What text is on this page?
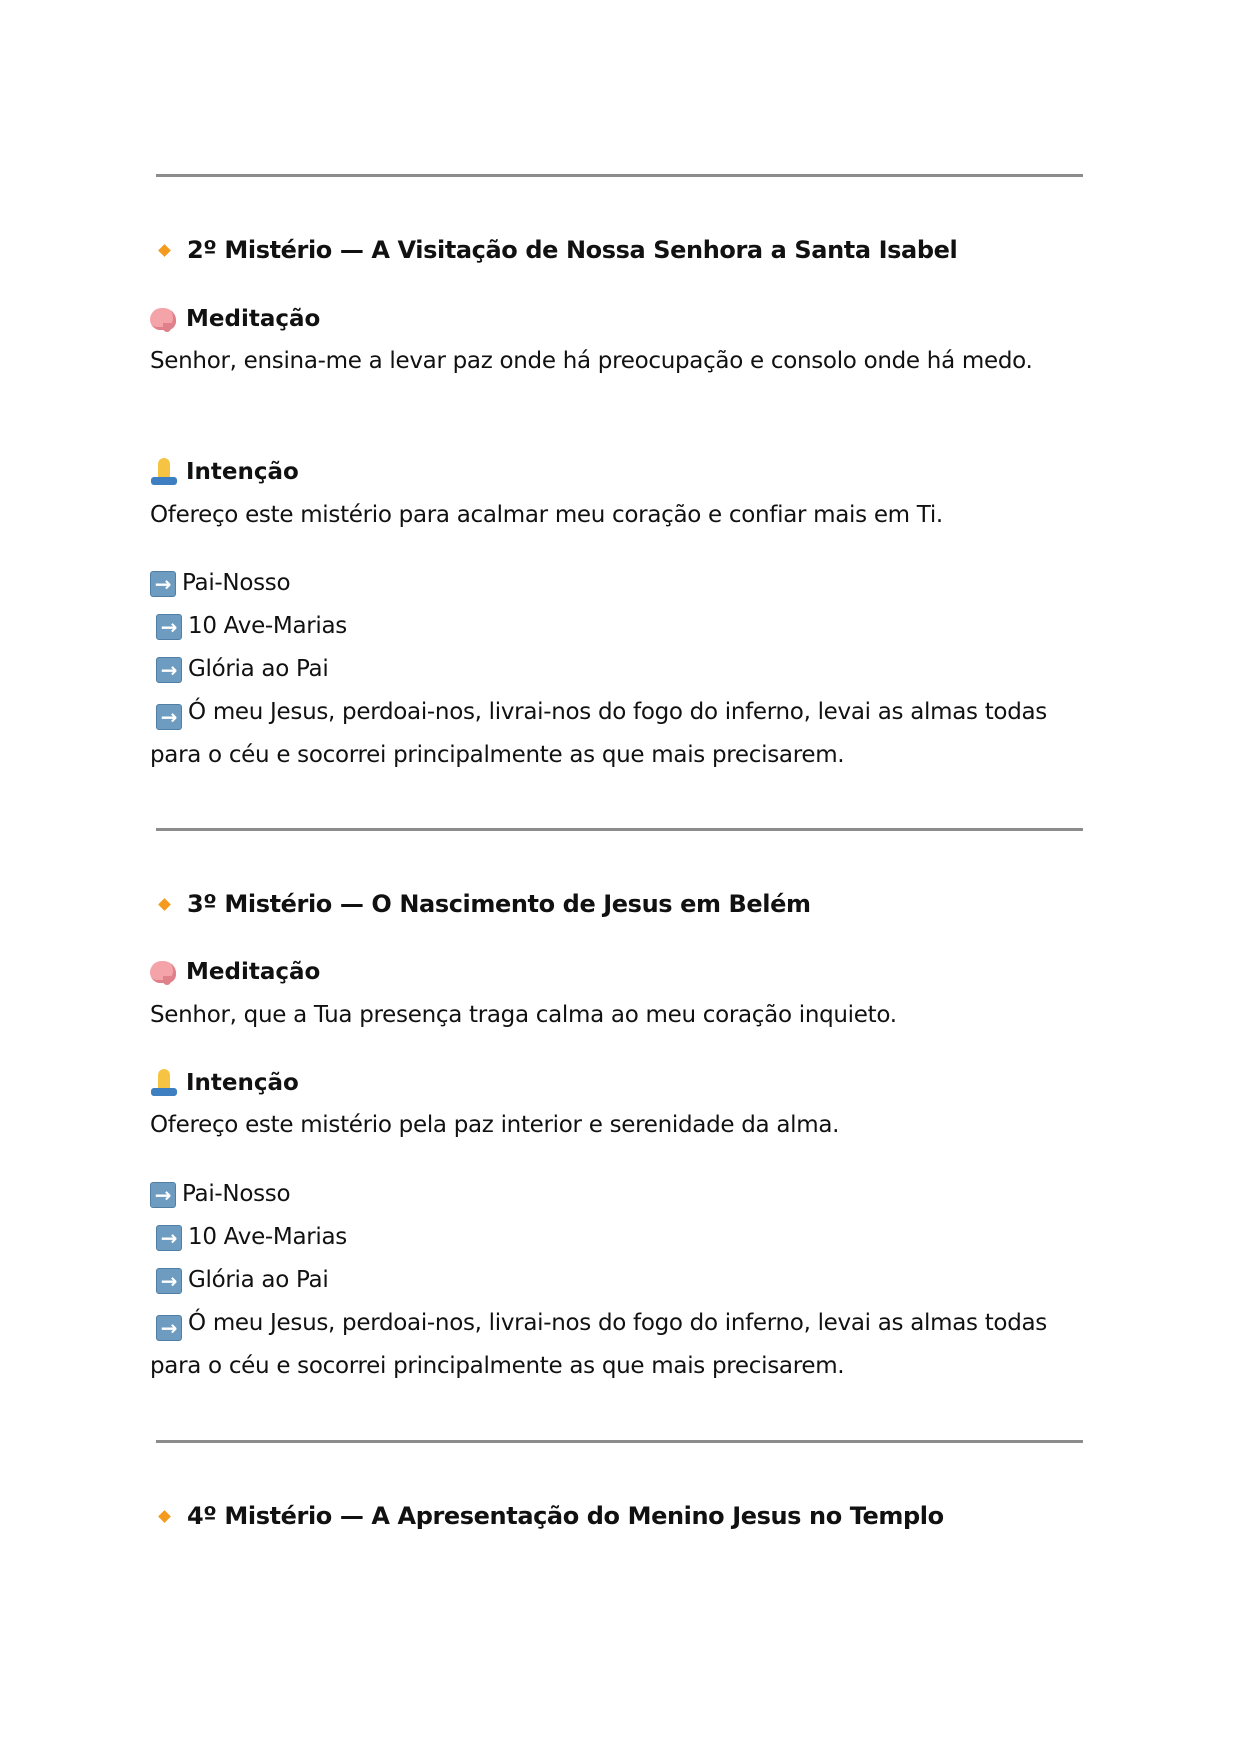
2º Mistério — A Visitação de Nossa Senhora a Santa Isabel
Meditação
Senhor, ensina-me a levar paz onde há preocupação e consolo onde há medo.
Intenção
Ofereço este mistério para acalmar meu coração e confiar mais em Ti.
→ Pai-Nosso
→ 10 Ave-Marias
→ Glória ao Pai
→ Ó meu Jesus, perdoai-nos, livrai-nos do fogo do inferno, levai as almas todas para o céu e socorrei principalmente as que mais precisarem.
3º Mistério — O Nascimento de Jesus em Belém
Meditação
Senhor, que a Tua presença traga calma ao meu coração inquieto.
Intenção
Ofereço este mistério pela paz interior e serenidade da alma.
→ Pai-Nosso
→ 10 Ave-Marias
→ Glória ao Pai
→ Ó meu Jesus, perdoai-nos, livrai-nos do fogo do inferno, levai as almas todas para o céu e socorrei principalmente as que mais precisarem.
4º Mistério — A Apresentação do Menino Jesus no Templo
